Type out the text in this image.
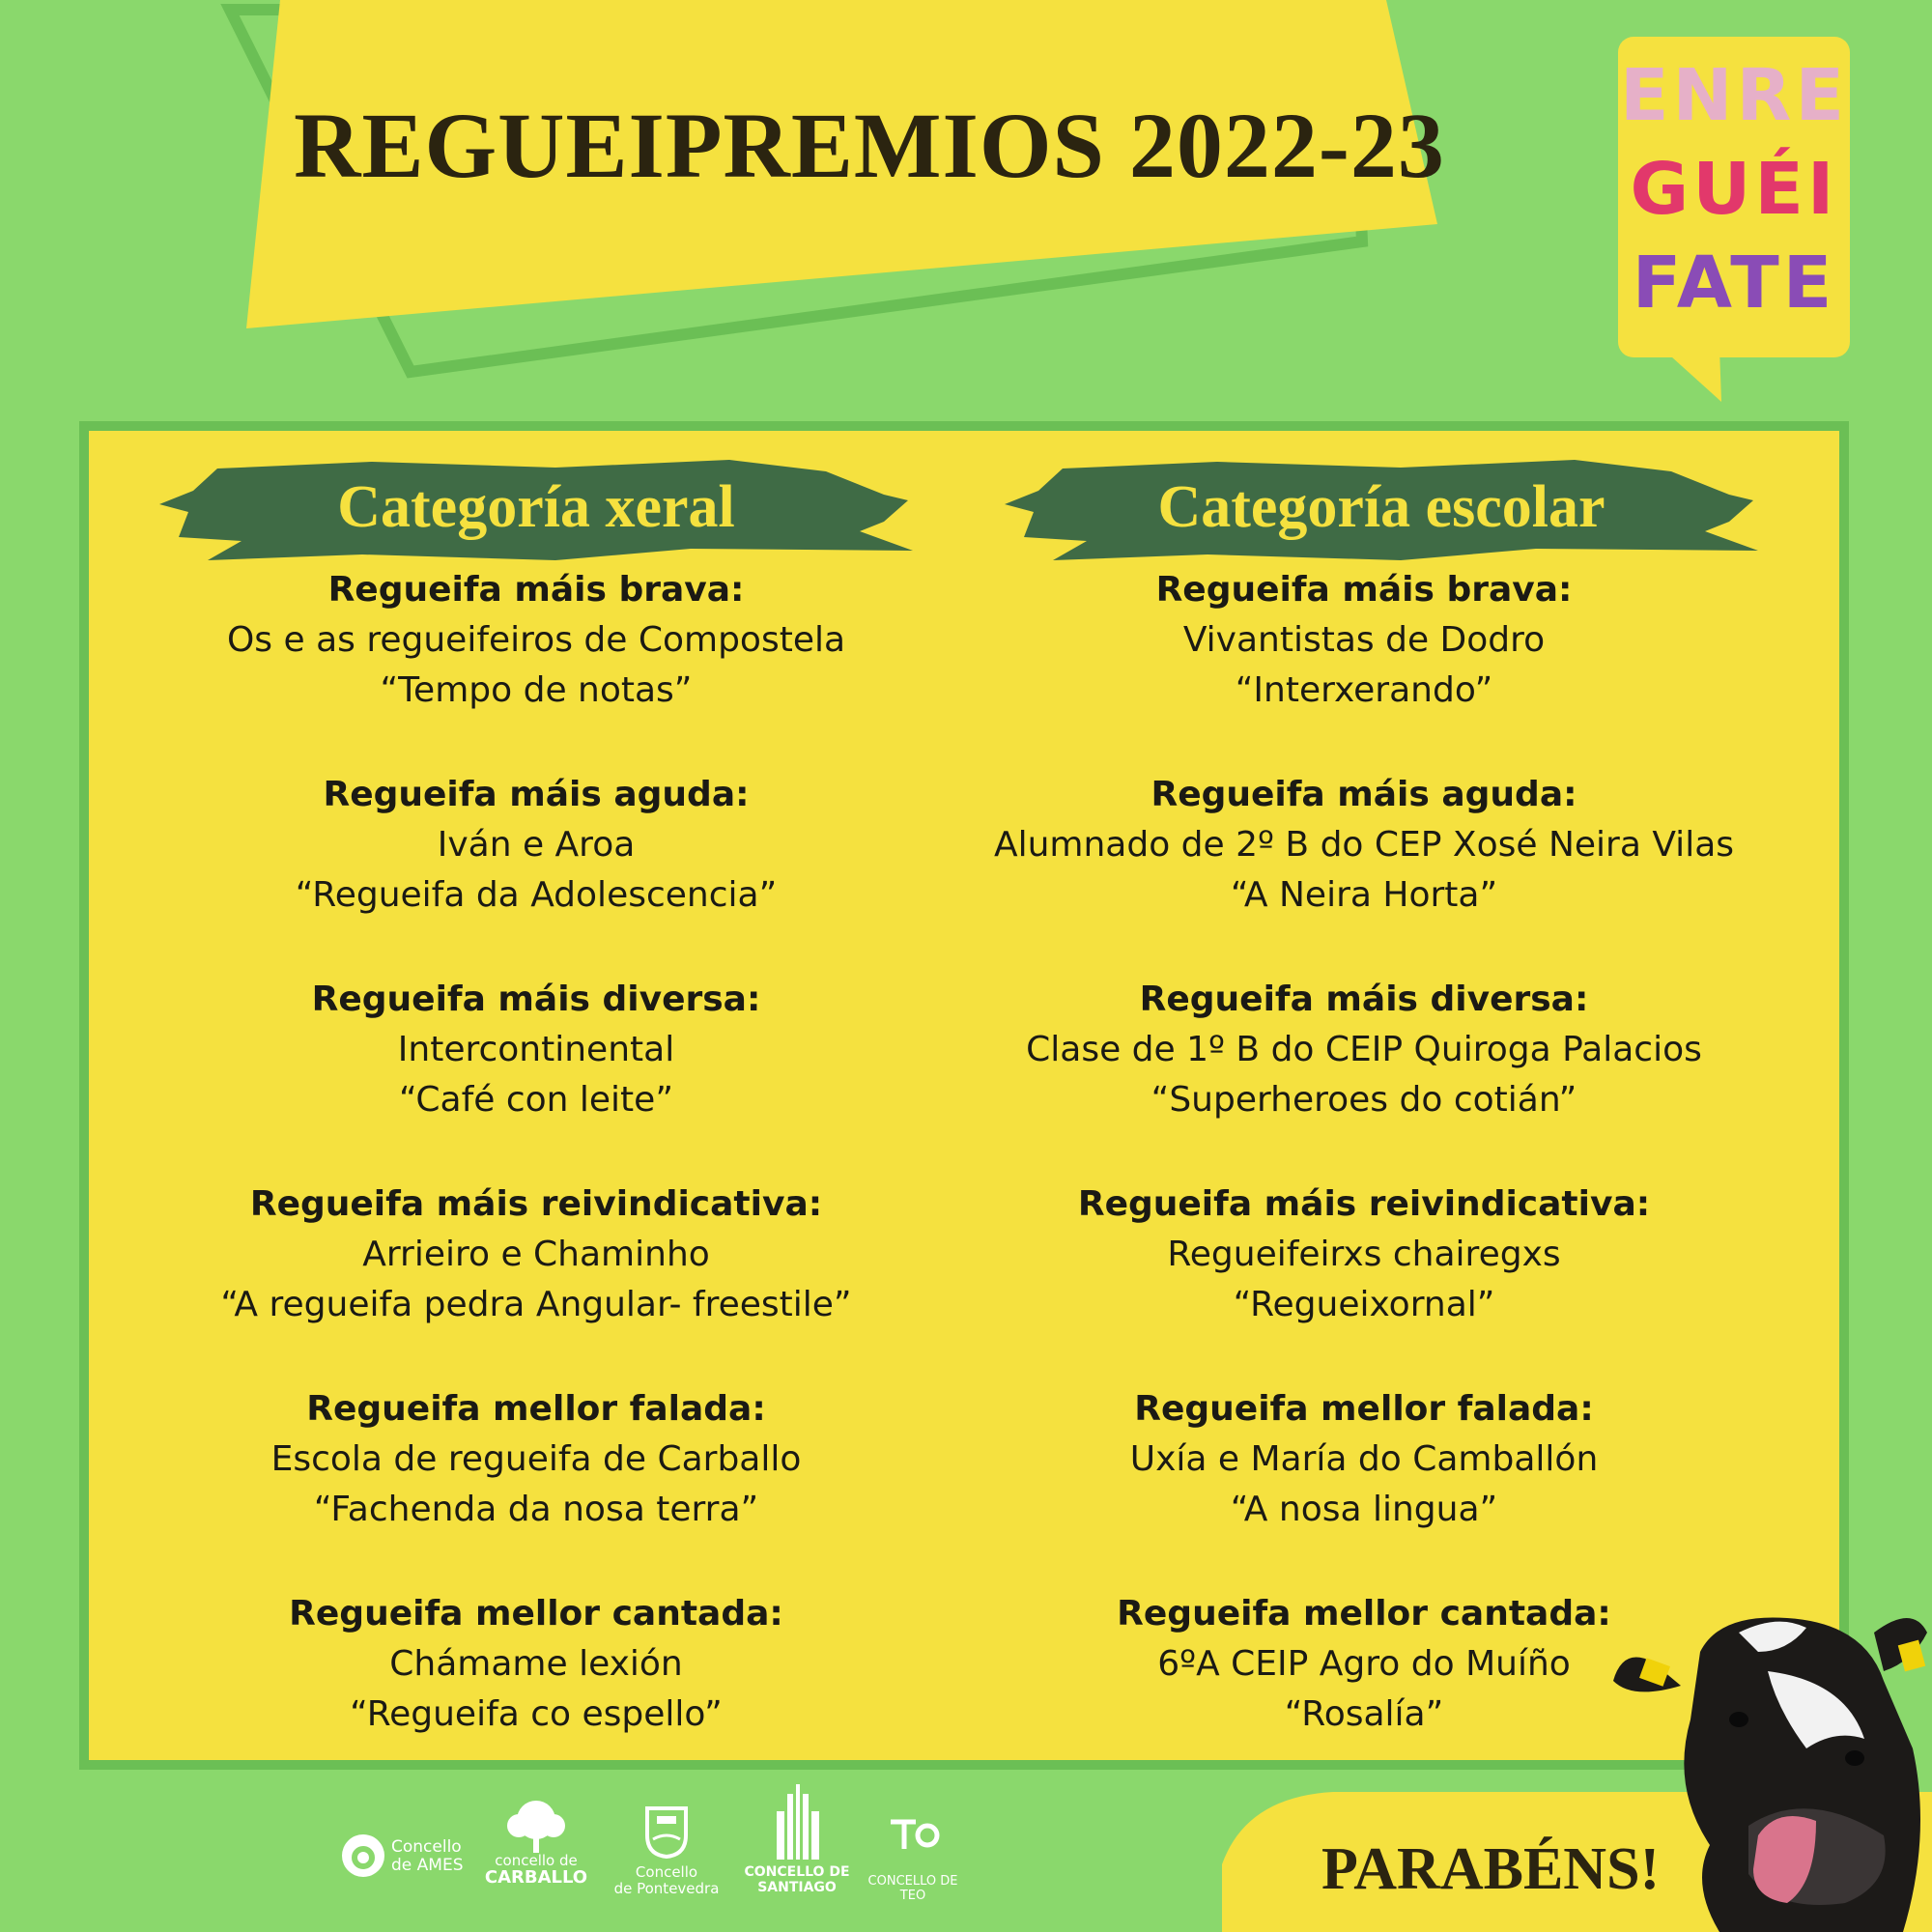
REGUEIPREMIOS 2022-23 ENRE
GUÉI
FATE
Categoría xeral	Categoría escolar
Regueifa máis brava:
Os e as regueifeiros de Compostela
“Tempo de notas”
Regueifa máis aguda:
Iván e Aroa
“Regueifa da Adolescencia”
Regueifa máis diversa:
Intercontinental
“Café con leite”
Regueifa máis reivindicativa:
Arrieiro e Chaminho
“A regueifa pedra Angular- freestile”
Regueifa mellor falada:
Escola de regueifa de Carballo
“Fachenda da nosa terra”
Regueifa mellor cantada:
Chámame lexión
“Regueifa co espello”
Regueifa máis brava:
Vivantistas de Dodro
“Interxerando”
Regueifa máis aguda:
Alumnado de 2º B do CEP Xosé Neira Vilas
“A Neira Horta”
Regueifa máis diversa:
Clase de 1º B do CEIP Quiroga Palacios
“Superheroes do cotián”
Regueifa máis reivindicativa:
Regueifeirxs chairegxs
“Regueixornal”
Regueifa mellor falada:
Uxía e María do Camballón
“A nosa lingua”
Regueifa mellor cantada:
6ºA CEIP Agro do Muíño
“Rosalía”
Concello
de AMES	concello de
CARBALLO	Concello
de Pontevedra
CONCELLO DE
SANTIAGO	CONCELLO DE TEO	PARABÉNS!
